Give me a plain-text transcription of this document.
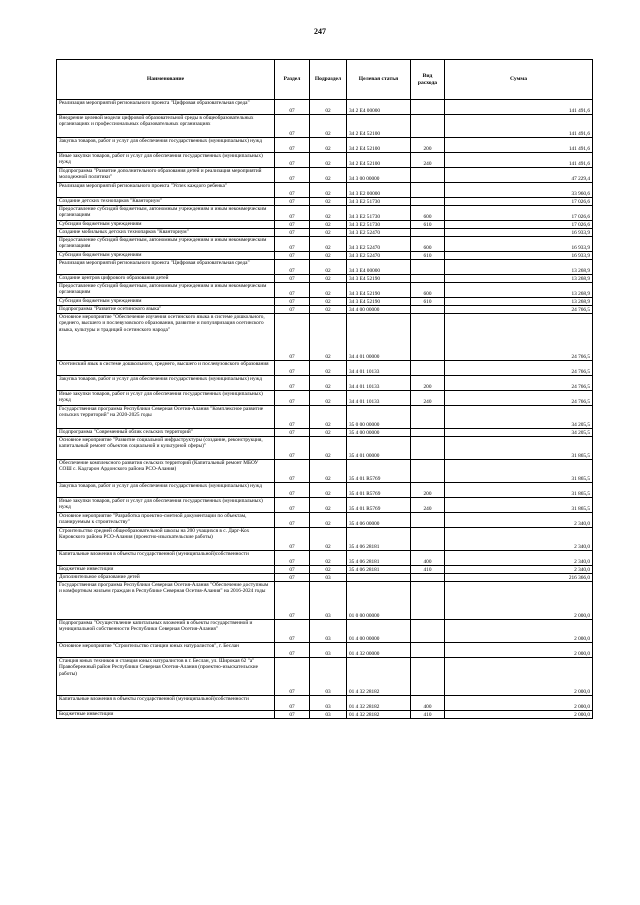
247
Наименование	Раздел	Подраздел	Целевая статья	Вид расхода	Сумма
Реализация мероприятий регионального проекта "Цифровая образовательная среда"	07	02	34 2 E4 00000		141 491,6
Внедрение целевой модели цифровой образовательной среды в общеобразовательных организациях и профессиональных образовательных организациях	07	02	34 2 E4 52100		141 491,6
Закупка товаров, работ и услуг для обеспечения государственных (муниципальных) нужд	07	02	34 2 E4 52100	200	141 491,6
Иные закупки товаров, работ и услуг для обеспечения государственных (муниципальных) нужд	07	02	34 2 E4 52100	240	141 491,6
Подпрограмма "Развитие дополнительного образования детей и реализация мероприятий молодежной политики"	07	02	34 3 00 00000		47 229,4
Реализация мероприятий регионального проекта "Успех каждого ребенка"	07	02	34 3 E2 00000		33 960,6
Создание детских технопарков "Кванториум"	07	02	34 3 E2 51730		17 026,6
Предоставление субсидий бюджетным, автономным учреждениям и иным некоммерческим организациям	07	02	34 3 E2 51730	600	17 026,6
Субсидии бюджетным учреждениям	07	02	34 3 E2 51730	610	17 026,6
Создание мобильных детских технопарков "Кванториум"	07	02	34 3 E2 52470		16 933,9
Предоставление субсидий бюджетным, автономным учреждениям и иным некоммерческим организациям	07	02	34 3 E2 52470	600	16 933,9
Субсидии бюджетным учреждениям	07	02	34 3 E2 52470	610	16 933,9
Реализация мероприятий регионального проекта "Цифровая образовательная среда"	07	02	34 3 E4 00000		13 268,9
Создание центров цифрового образования детей	07	02	34 3 E4 52190		13 268,9
Предоставление субсидий бюджетным, автономным учреждениям и иным некоммерческим организациям	07	02	34 3 E4 52190	600	13 268,9
Субсидии бюджетным учреждениям	07	02	34 3 E4 52190	610	13 268,9
Подпрограмма "Развитие осетинского языка"	07	02	34 4 00 00000		24 766,5
Основное мероприятие "Обеспечение изучения осетинского языка в системе дошкольного, среднего, высшего и послевузовского образования, развитие и популяризация осетинского языка, культуры и традиций осетинского народа"	07	02	34 4 01 00000		24 766,5
Осетинский язык в системе дошкольного, среднего, высшего и послевузовского образования	07	02	34 4 01 10133		24 766,5
Закупка товаров, работ и услуг для обеспечения государственных (муниципальных) нужд	07	02	34 4 01 10133	200	24 766,5
Иные закупки товаров, работ и услуг для обеспечения государственных (муниципальных) нужд	07	02	34 4 01 10133	240	24 766,5
Государственная программа Республики Северная Осетия-Алания "Комплексное развитие сельских территорий" на 2020-2025 годы	07	02	35 0 00 00000		34 205,5
Подпрограмма "Современный облик сельских территорий"	07	02	35 4 00 00000		34 205,5
Основное мероприятие "Развитие социальной инфраструктуры (создание, реконструкция, капитальный ремонт объектов социальной и культурной сферы)"	07	02	35 4 01 00000		31 865,5
Обеспечение комплексного развития сельских территорий (Капитальный ремонт МБОУ СОШ с. Кадгарон Ардонского района РСО-Алания)	07	02	35 4 01 R5769		31 865,5
Закупка товаров, работ и услуг для обеспечения государственных (муниципальных) нужд	07	02	35 4 01 R5769	200	31 865,5
Иные закупки товаров, работ и услуг для обеспечения государственных (муниципальных) нужд	07	02	35 4 01 R5769	240	31 865,5
Основное мероприятие "Разработка проектно-сметной документации по объектам, планируемым к строительству"	07	02	35 4 06 00000		2 340,0
Строительство средней общеобразовательной школы на 200 учащихся в с. Дарг-Кох Кировского района РСО-Алания (проектно-изыскательские работы)	07	02	35 4 06 28181		2 340,0
Капитальные вложения в объекты государственной (муниципальной)собственности	07	02	35 4 06 28181	400	2 340,0
Бюджетные инвестиции	07	02	35 4 06 28181	410	2 340,0
Дополнительное образование детей	07	03			216 366,0
Государственная программа Республики Северная Осетия-Алания "Обеспечение доступным и комфортным жильем граждан в Республике Северная Осетия-Алания" на 2016-2024 годы	07	03	01 0 00 00000		2 000,0
Подпрограмма "Осуществление капитальных вложений в объекты государственной и муниципальной собственности Республики Северная Осетия-Алания"	07	03	01 4 00 00000		2 000,0
Основное мероприятие "Строительство станции юных натуралистов", г. Беслан	07	03	01 4 32 00000		2 000,0
Станция юных техников и станция юных натуралистов в г. Беслан, ул. Широкая 62 "а" Правобережный район Республики Северная Осетия-Алания (проектно-изыскательские работы)	07	03	01 4 32 28182		2 000,0
Капитальные вложения в объекты государственной (муниципальной)собственности	07	03	01 4 32 28182	400	2 000,0
Бюджетные инвестиции	07	03	01 4 32 28182	410	2 000,0
